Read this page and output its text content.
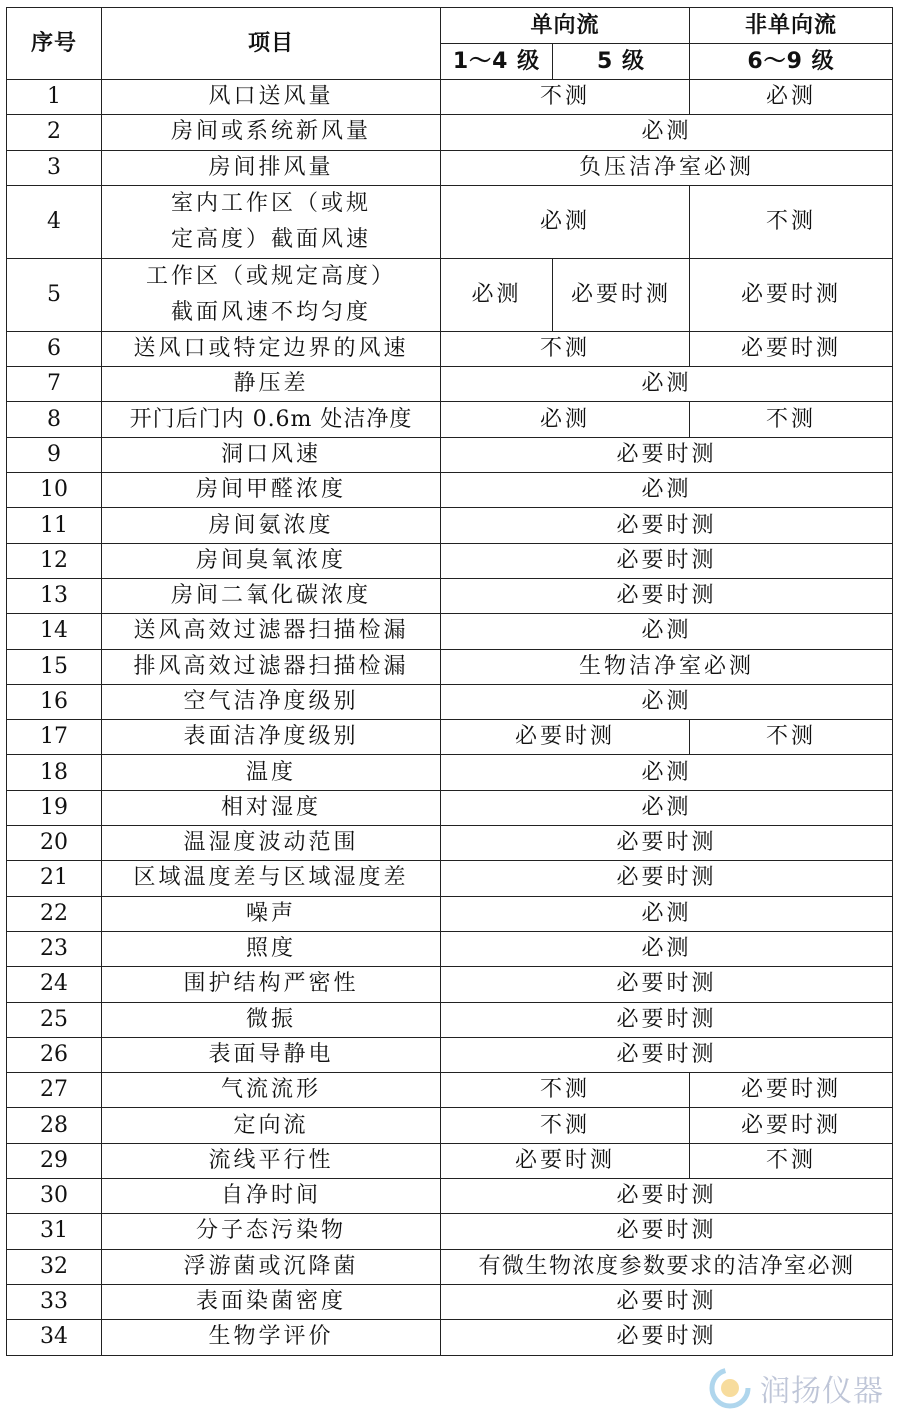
序号	项目	单向流		非单向流
		1～4 级	5 级	6～9 级
1	风口送风量	不测		必测
2	房间或系统新风量	必测		
3	房间排风量	负压洁净室必测		
4	室内工作区（或规
定高度）截面风速	必测		不测
5	工作区（或规定高度）
截面风速不均匀度	必测	必要时测	必要时测
6	送风口或特定边界的风速	不测		必要时测
7	静压差	必测		
8	开门后门内 0.6m 处洁净度	必测		不测
9	洞口风速	必要时测		
10	房间甲醛浓度	必测		
11	房间氨浓度	必要时测		
12	房间臭氧浓度	必要时测		
13	房间二氧化碳浓度	必要时测		
14	送风高效过滤器扫描检漏	必测		
15	排风高效过滤器扫描检漏	生物洁净室必测		
16	空气洁净度级别	必测		
17	表面洁净度级别	必要时测		不测
18	温度	必测		
19	相对湿度	必测		
20	温湿度波动范围	必要时测		
21	区域温度差与区域湿度差	必要时测		
22	噪声	必测		
23	照度	必测		
24	围护结构严密性	必要时测		
25	微振	必要时测		
26	表面导静电	必要时测		
27	气流流形	不测		必要时测
28	定向流	不测		必要时测
29	流线平行性	必要时测		不测
30	自净时间	必要时测		
31	分子态污染物	必要时测		
32	浮游菌或沉降菌	有微生物浓度参数要求的洁净室必测		
33	表面染菌密度	必要时测		
34	生物学评价	必要时测		
润扬仪器
